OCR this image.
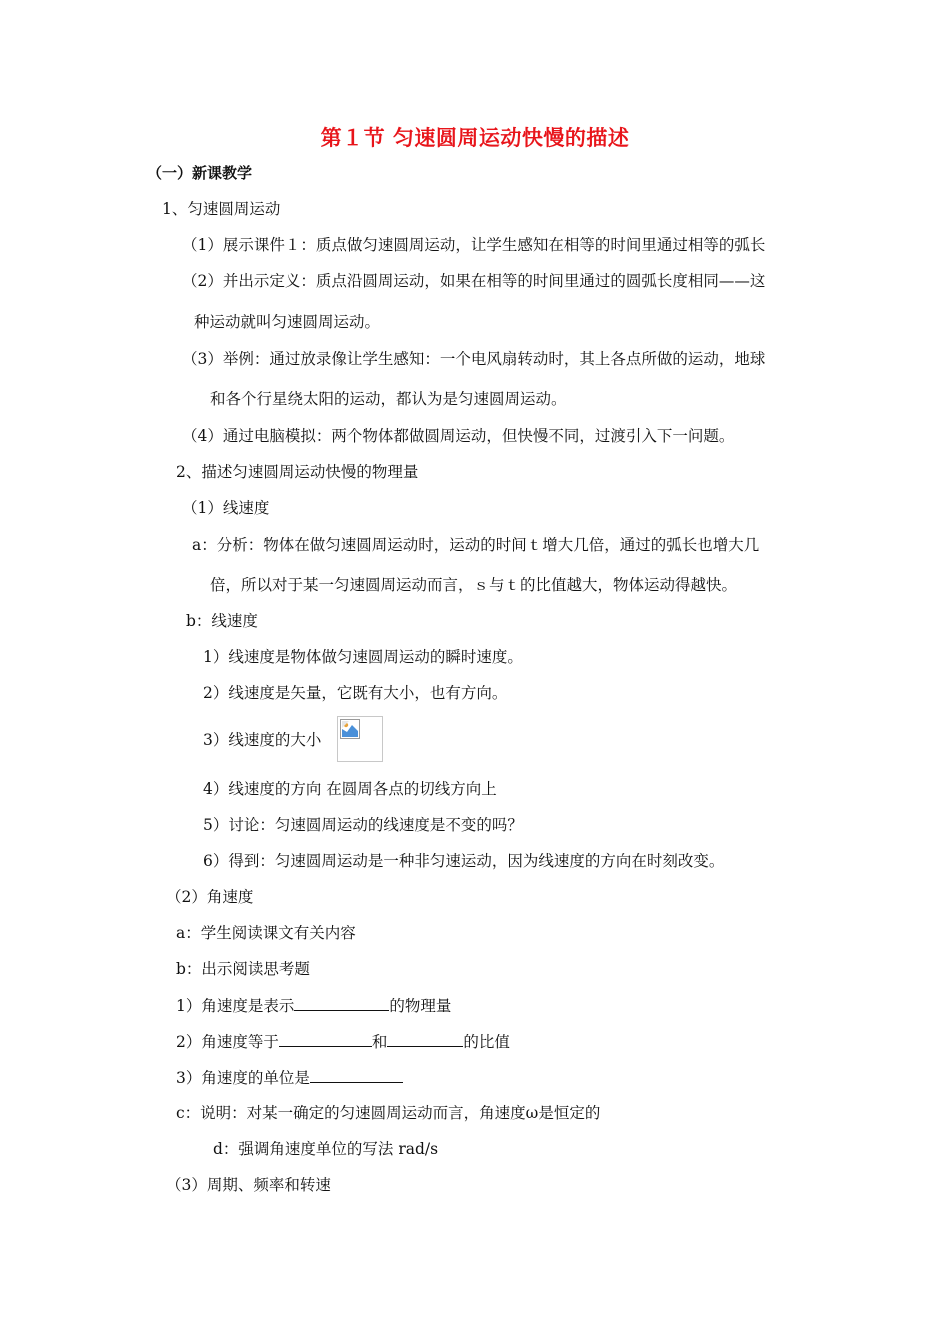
第１节 匀速圆周运动快慢的描述
（一）新课教学
1、匀速圆周运动
（1）展示课件１：质点做匀速圆周运动，让学生感知在相等的时间里通过相等的弧长
（2）并出示定义：质点沿圆周运动，如果在相等的时间里通过的圆弧长度相同——这
种运动就叫匀速圆周运动。
（3）举例：通过放录像让学生感知：一个电风扇转动时，其上各点所做的运动，地球
和各个行星绕太阳的运动，都认为是匀速圆周运动。
（4）通过电脑模拟：两个物体都做圆周运动，但快慢不同，过渡引入下一问题。
2、描述匀速圆周运动快慢的物理量
（1）线速度
a：分析：物体在做匀速圆周运动时，运动的时间ｔ增大几倍，通过的弧长也增大几
倍，所以对于某一匀速圆周运动而言，ｓ与ｔ的比值越大，物体运动得越快。
b：线速度
1）线速度是物体做匀速圆周运动的瞬时速度。
2）线速度是矢量，它既有大小，也有方向。
3）线速度的大小
4）线速度的方向 在圆周各点的切线方向上
5）讨论：匀速圆周运动的线速度是不变的吗？
6）得到：匀速圆周运动是一种非匀速运动，因为线速度的方向在时刻改变。
（2）角速度
a：学生阅读课文有关内容
b：出示阅读思考题
1）角速度是表示	的物理量
2）角速度等于	和	的比值
3）角速度的单位是
c：说明：对某一确定的匀速圆周运动而言，角速度ω是恒定的
d：强调角速度单位的写法 rad/s
（3）周期、频率和转速
